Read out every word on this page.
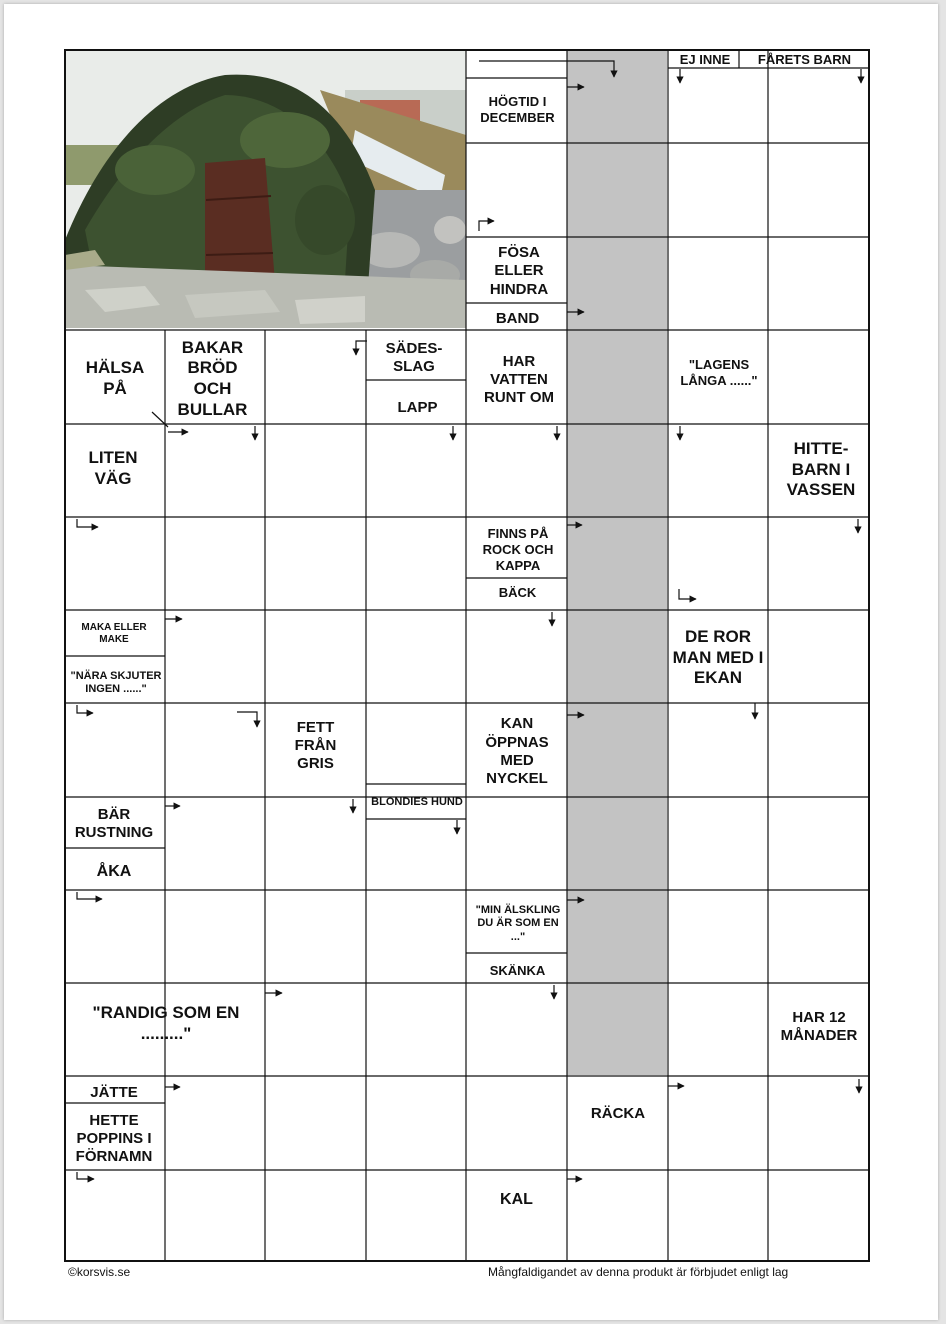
HÖGTID I DECEMBER
EJ INNE FÅRETS BARN
FÖSA ELLER HINDRA
BAND
HÄLSA PÅ
BAKAR BRÖD OCH BULLAR
SÄDES-SLAG
LAPP
HAR VATTEN RUNT OM
"LAGENS LÅNGA ......"
LITEN VÄG
HITTE-BARN I VASSEN
FINNS PÅ ROCK OCH KAPPA
BÄCK
MAKA ELLER MAKE
"NÄRA SKJUTER INGEN ......"
DE ROR MAN MED I EKAN
FETT FRÅN GRIS
KAN ÖPPNAS MED NYCKEL
BLONDIES HUND
BÄR RUSTNING
ÅKA
"MIN ÄLSKLING DU ÄR SOM EN ..."
SKÄNKA
"RANDIG SOM EN ........."
HAR 12 MÅNADER
JÄTTE
HETTE POPPINS I FÖRNAMN
RÄCKA
KAL
©korsvis.se	Mångfaldigandet av denna produkt är förbjudet enligt lag
